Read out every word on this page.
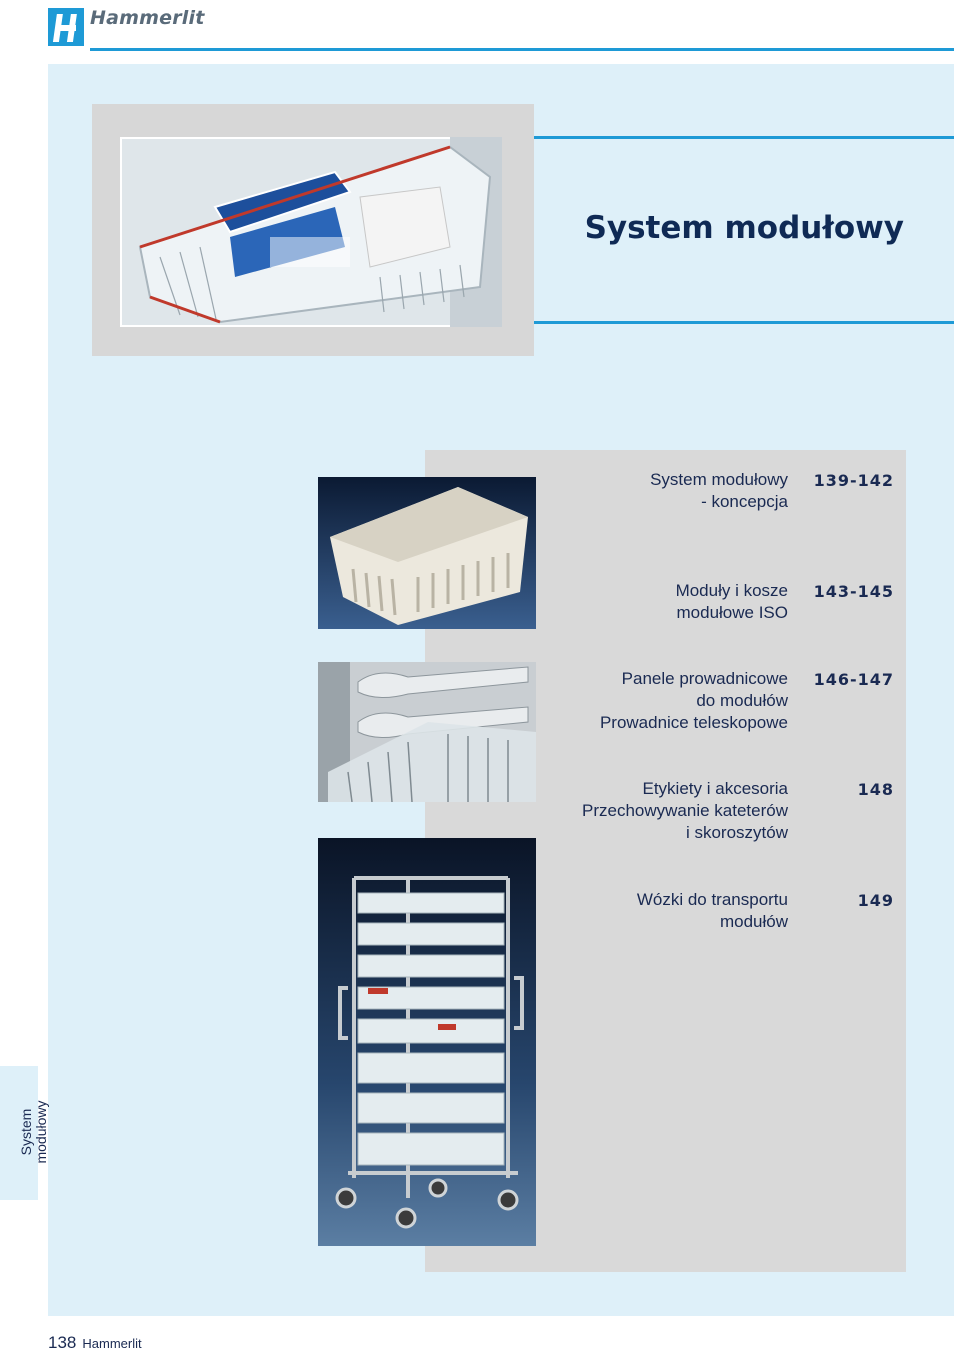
Hammerlit
System modułowy
System modułowy
- koncepcja
139-142
Moduły i kosze
modułowe ISO
143-145
Panele prowadnicowe
do modułów
Prowadnice teleskopowe
146-147
Etykiety i akcesoria
Przechowywanie kateterów
i skoroszytów
148
Wózki do transportu
modułów
149
System modułowy
138 Hammerlit
